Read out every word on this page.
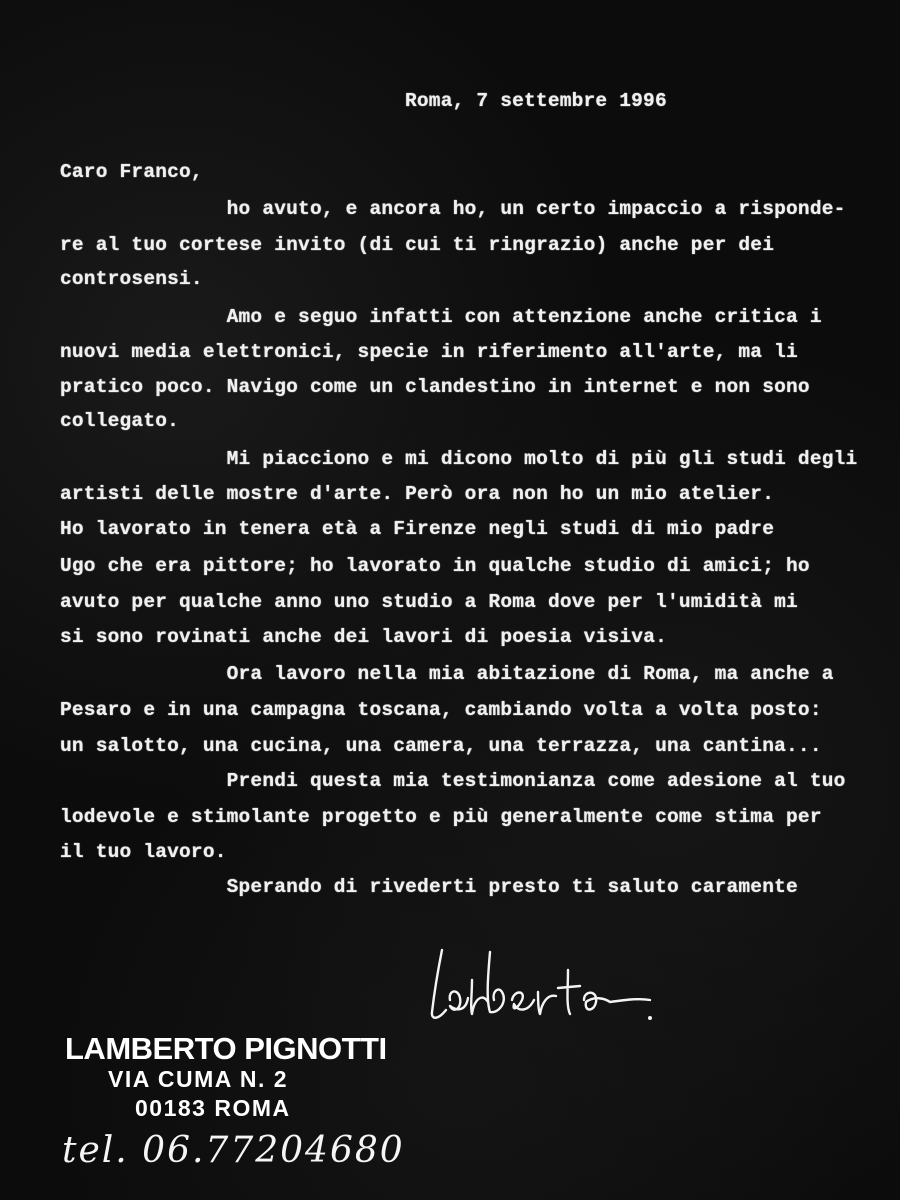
Roma, 7 settembre 1996
Caro Franco,
ho avuto, e ancora ho, un certo impaccio a risponde-
re al tuo cortese invito (di cui ti ringrazio) anche per dei
controsensi.
Amo e seguo infatti con attenzione anche critica i
nuovi media elettronici, specie in riferimento all'arte, ma li
pratico poco. Navigo come un clandestino in internet e non sono
collegato.
Mi piacciono e mi dicono molto di più gli studi degli
artisti delle mostre d'arte. Però ora non ho un mio atelier.
Ho lavorato in tenera età a Firenze negli studi di mio padre
Ugo che era pittore; ho lavorato in qualche studio di amici; ho
avuto per qualche anno uno studio a Roma dove per l'umidità mi
si sono rovinati anche dei lavori di poesia visiva.
Ora lavoro nella mia abitazione di Roma, ma anche a
Pesaro e in una campagna toscana, cambiando volta a volta posto:
un salotto, una cucina, una camera, una terrazza, una cantina...
Prendi questa mia testimonianza come adesione al tuo
lodevole e stimolante progetto e più generalmente come stima per
il tuo lavoro.
Sperando di rivederti presto ti saluto caramente
LAMBERTO PIGNOTTI
VIA CUMA N. 2
00183 ROMA
tel. 06.77204680
